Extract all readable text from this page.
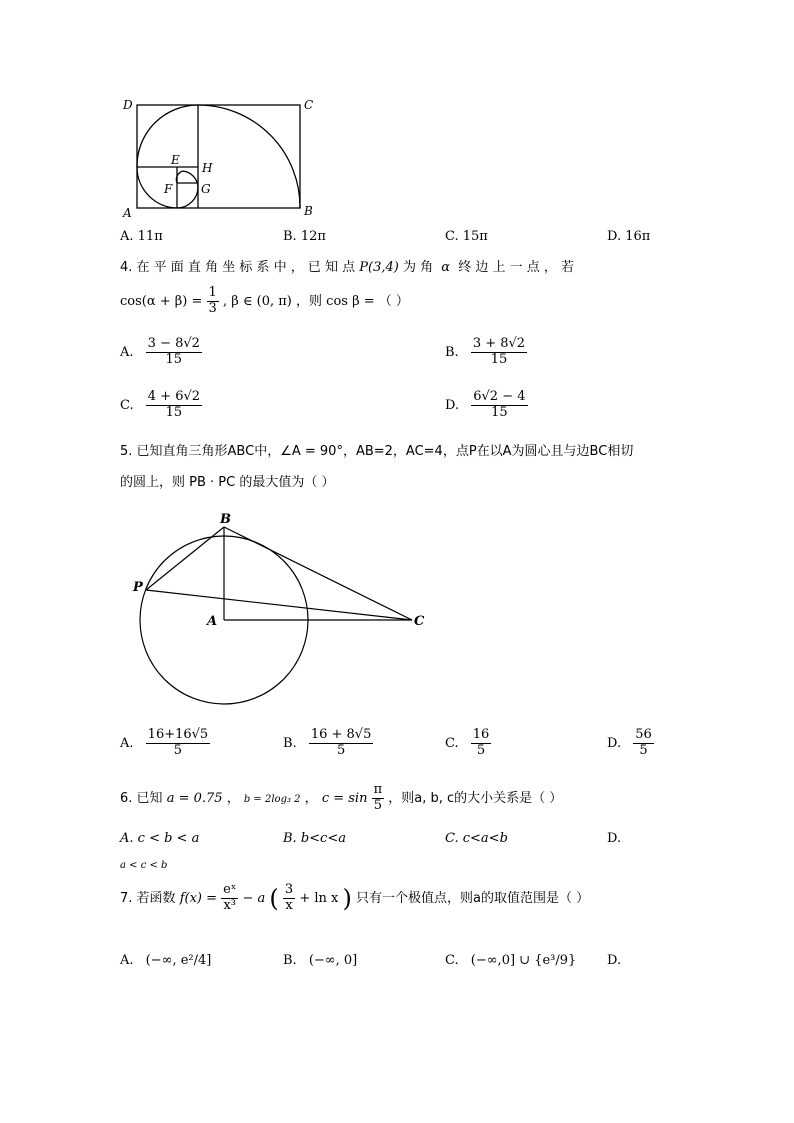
D	C
E
H
F G
A	B
A. 11π	B. 12π	C. 15π	D. 16π
4. 在 平 面 直 角 坐 标 系 中 ， 已 知 点 P(3,4) 为 角 α 终 边 上 一 点 ， 若
$\cos(\alpha + \beta) = \frac{1}{3}$ , β ∈ (0, π) ，则 cos β = （ ）
A. $\frac{3 - 8√2}{15}$	B. $\frac{3 + 8√2}{15}$
C. $\frac{4 + 6√2}{15}$	D. $\frac{6√2 - 4}{15}$
5. 已知直角三角形ABC中，∠A = 90°，AB=2，AC=4，点P在以A为圆心且与边BC相切
的圆上，则 PB · PC 的最大值为（ ）
B
P
A	C
A. $\frac{16+16√5}{5}$	B. $\frac{16 + 8√5}{5}$	C. $\frac{16}{5}$	D. $\frac{56}{5}$
6. 已知 a = 0.75 ， b = 2log₃ 2 ， $c = \sin \frac{\pi}{5}$ ，则a, b, c的大小关系是（ ）
A. c < b < a	B. b<c<a	C. c<a<b	D.
a < c < b
7. 若函数 $f(x) = \frac{\text{eˣ}}{\text{x³}} - a$ ( $\frac{3}{x} + \ln x$ ) 只有一个极值点，则a的取值范围是（ ）
A. (−∞, e²/4]	B. (−∞, 0]	C. (−∞,0] ∪ {e³/9} D.
